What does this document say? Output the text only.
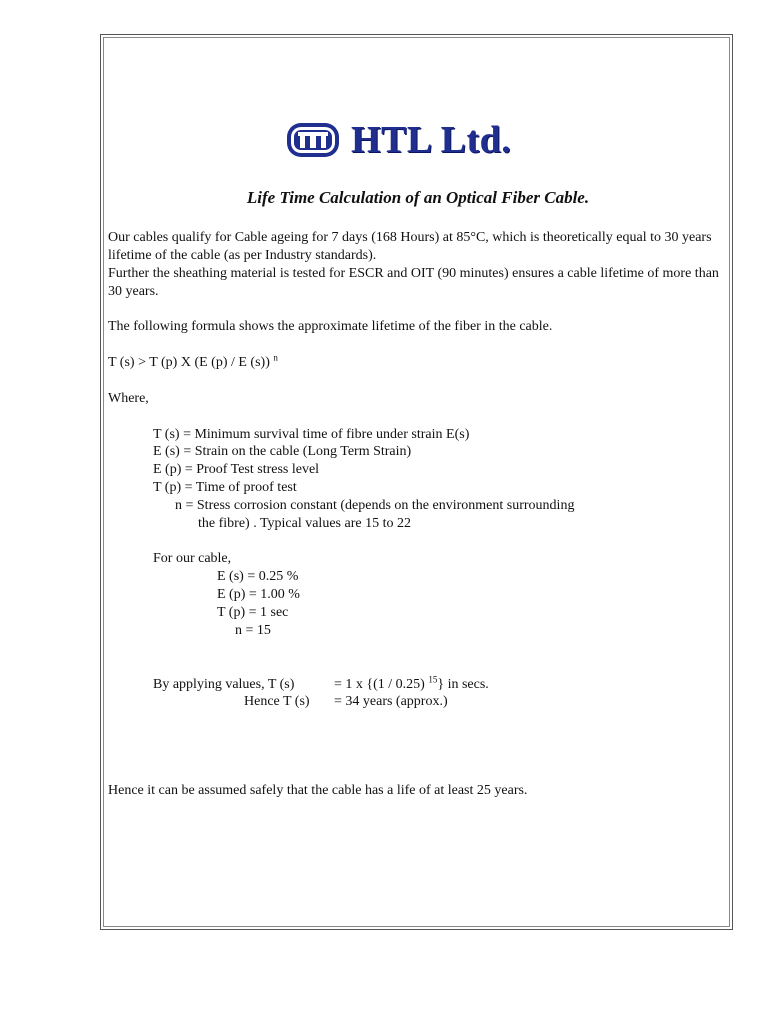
HTL Ltd.
Life Time Calculation of an Optical Fiber Cable.
Our cables qualify for Cable ageing for 7 days (168 Hours) at 85°C, which is theoretically equal to 30 years lifetime of the cable (as per Industry standards).
Further the sheathing material is tested for ESCR and OIT (90 minutes) ensures a cable lifetime of more than 30 years.
The following formula shows the approximate lifetime of the fiber in the cable.
T (s) > T (p) X (E (p) / E (s)) $^n$
Where,
T (s) = Minimum survival time of fibre under strain E(s)
E (s) = Strain on the cable (Long Term Strain)
E (p) = Proof Test stress level
T (p) = Time of proof test
n = Stress corrosion constant (depends on the environment surrounding
the fibre) . Typical values are 15 to 22
For our cable,
E (s) = 0.25 %
E (p) = 1.00 %
T (p) = 1 sec
n = 15
By applying values, T (s)	= 1 x {(1 / 0.25) $^{15}$} in secs.
Hence T (s) = 34 years (approx.)
Hence it can be assumed safely that the cable has a life of at least 25 years.
